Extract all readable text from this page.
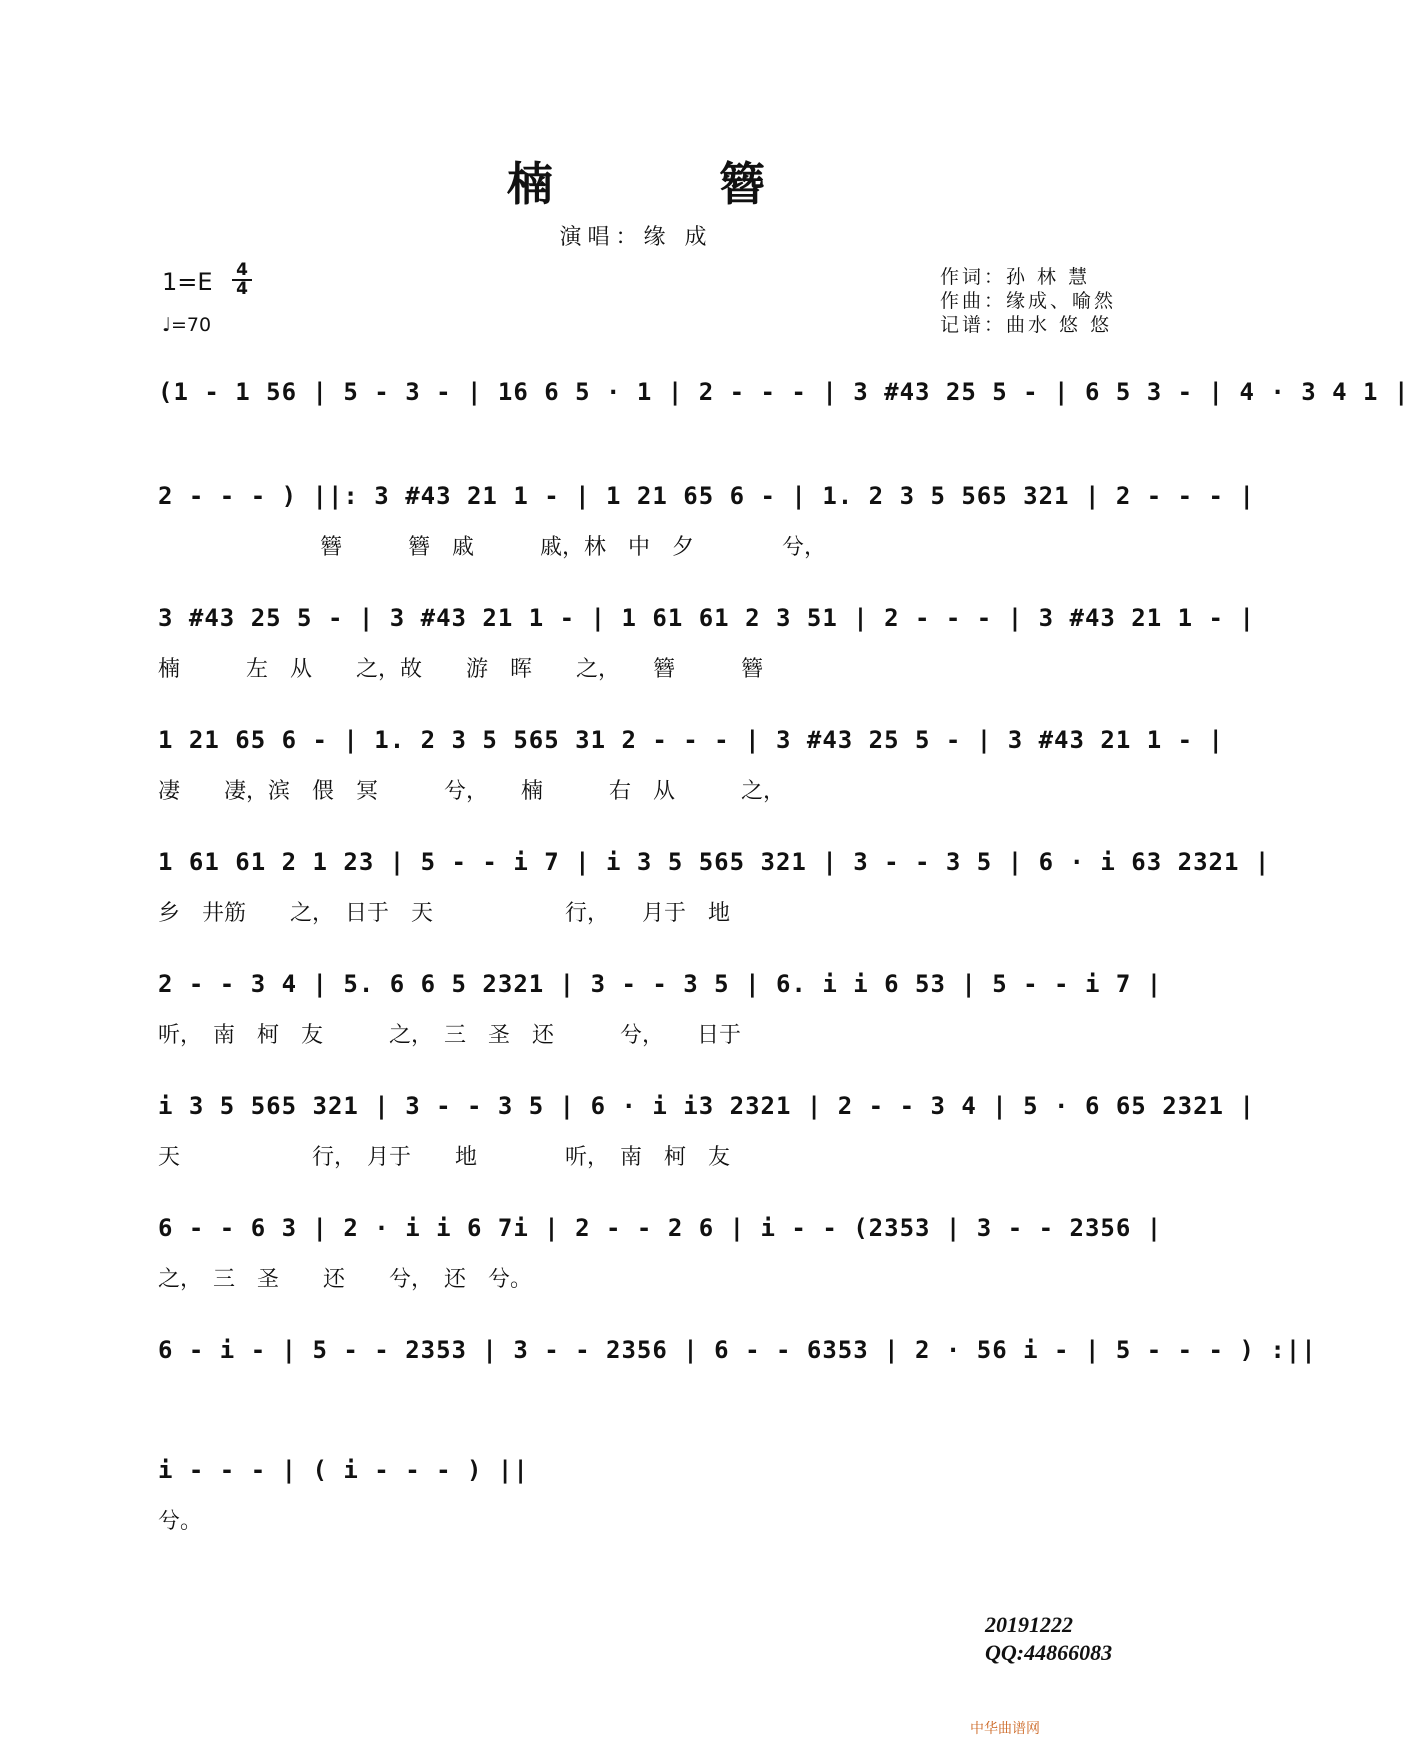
楠　簪
演唱：缘 成
作词：孙 林 慧
作曲：缘成、喻然
记谱：曲水 悠 悠
$1=E \frac{4}{4}$
♩=70
(1 - 1 56 | 5 - 3 - | 16 6 5 · 1 | 2 - - - | 3 #43 25 5 - | 6 5 3 - | 4 · 3 4 1 |
2 - - - ) ||: 3 #43 21 1 - | 1 21 65 6 - | 1. 2 3 5 565 321 | 2 - - - |
簪　　　簪　戚　　　戚，林　中　夕　　　　兮，
3 #43 25 5 - | 3 #43 21 1 - | 1 61 61 2 3 51 | 2 - - - | 3 #43 21 1 - |
楠　　　左　从　　之，故　　游　晖　　之，　　簪　　　簪
1 21 65 6 - | 1. 2 3 5 565 31 2 - - - | 3 #43 25 5 - | 3 #43 21 1 - |
凄　　凄，滨　偎　冥　　　兮，　　楠　　　右　从　　　之，
1 61 61 2 1 23 | 5 - - i 7 | i 3 5 565 321 | 3 - - 3 5 | 6 · i 63 2321 |
乡　井筋　　之，　日于　天　　　　　　行，　　月于　地
2 - - 3 4 | 5. 6 6 5 2321 | 3 - - 3 5 | 6. i i 6 53 | 5 - - i 7 |
听，　南　柯　友　　　之，　三　圣　还　　　兮，　　日于
i 3 5 565 321 | 3 - - 3 5 | 6 · i i3 2321 | 2 - - 3 4 | 5 · 6 65 2321 |
天　　　　　　行，　月于　　地　　　　听，　南　柯　友
6 - - 6 3 | 2 · i i 6 7i | 2 - - 2 6 | i - - (2353 | 3 - - 2356 |
之，　三　圣　　还　　兮，　还　兮。
6 - i - | 5 - - 2353 | 3 - - 2356 | 6 - - 6353 | 2 · 56 i - | 5 - - - ) :||
i - - - | ( i - - - ) ||
兮。
20191222
QQ:44866083
中华曲谱网
